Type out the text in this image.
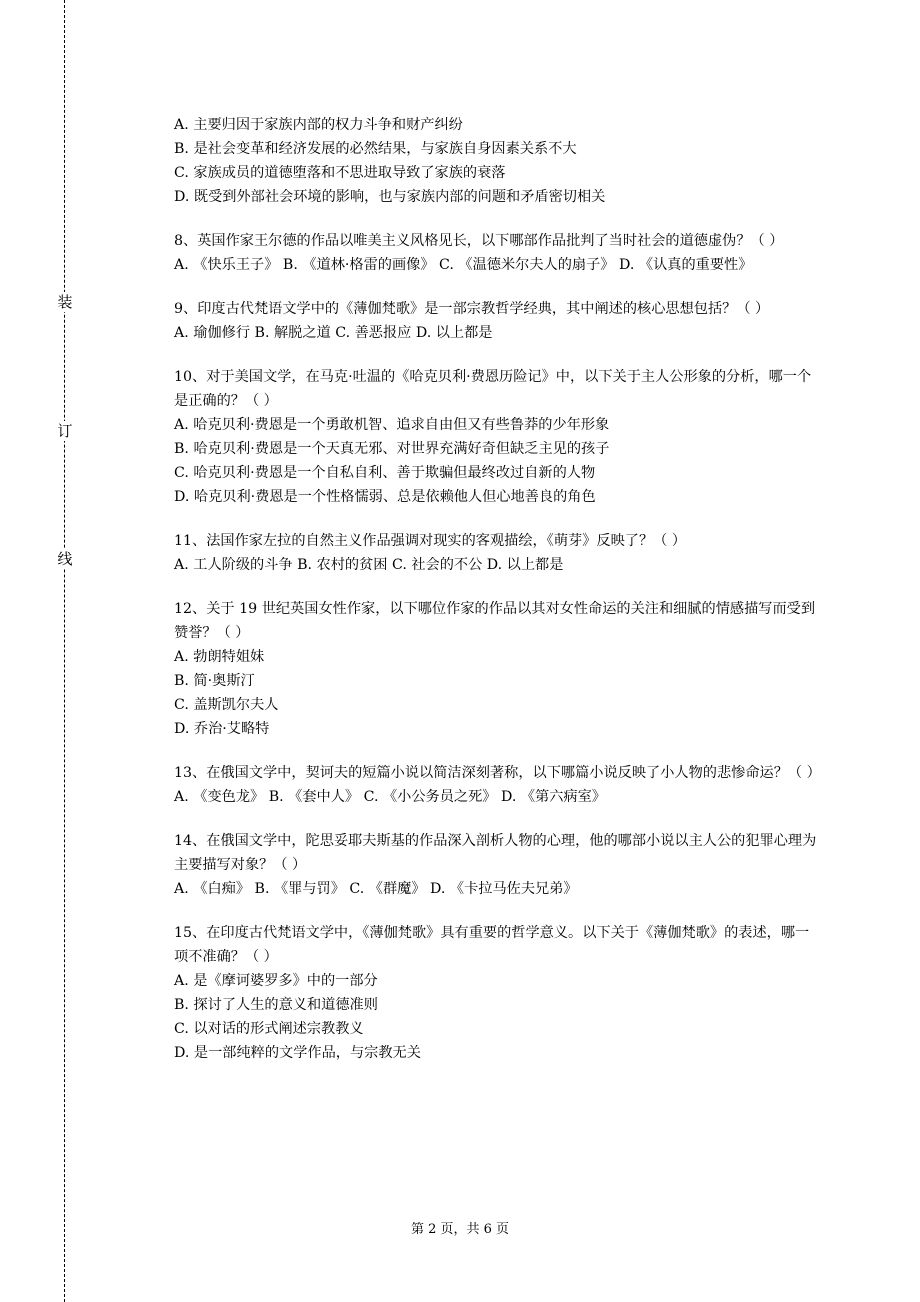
装
订
线
A. 主要归因于家族内部的权力斗争和财产纠纷
B. 是社会变革和经济发展的必然结果，与家族自身因素关系不大
C. 家族成员的道德堕落和不思进取导致了家族的衰落
D. 既受到外部社会环境的影响，也与家族内部的问题和矛盾密切相关
8、英国作家王尔德的作品以唯美主义风格见长，以下哪部作品批判了当时社会的道德虚伪？（ ）
A. 《快乐王子》 B. 《道林·格雷的画像》 C. 《温德米尔夫人的扇子》 D. 《认真的重要性》
9、印度古代梵语文学中的《薄伽梵歌》是一部宗教哲学经典，其中阐述的核心思想包括？（ ）
A. 瑜伽修行 B. 解脱之道 C. 善恶报应 D. 以上都是
10、对于美国文学，在马克·吐温的《哈克贝利·费恩历险记》中，以下关于主人公形象的分析，哪一个是正确的？（ ）
A. 哈克贝利·费恩是一个勇敢机智、追求自由但又有些鲁莽的少年形象
B. 哈克贝利·费恩是一个天真无邪、对世界充满好奇但缺乏主见的孩子
C. 哈克贝利·费恩是一个自私自利、善于欺骗但最终改过自新的人物
D. 哈克贝利·费恩是一个性格懦弱、总是依赖他人但心地善良的角色
11、法国作家左拉的自然主义作品强调对现实的客观描绘，《萌芽》反映了？（ ）
A. 工人阶级的斗争 B. 农村的贫困 C. 社会的不公 D. 以上都是
12、关于 19 世纪英国女性作家，以下哪位作家的作品以其对女性命运的关注和细腻的情感描写而受到赞誉？（ ）
A. 勃朗特姐妹
B. 简·奥斯汀
C. 盖斯凯尔夫人
D. 乔治·艾略特
13、在俄国文学中，契诃夫的短篇小说以简洁深刻著称，以下哪篇小说反映了小人物的悲惨命运？（ ）
A. 《变色龙》 B. 《套中人》 C. 《小公务员之死》 D. 《第六病室》
14、在俄国文学中，陀思妥耶夫斯基的作品深入剖析人物的心理，他的哪部小说以主人公的犯罪心理为主要描写对象？（ ）
A. 《白痴》 B. 《罪与罚》 C. 《群魔》 D. 《卡拉马佐夫兄弟》
15、在印度古代梵语文学中，《薄伽梵歌》具有重要的哲学意义。以下关于《薄伽梵歌》的表述，哪一项不准确？（ ）
A. 是《摩诃婆罗多》中的一部分
B. 探讨了人生的意义和道德准则
C. 以对话的形式阐述宗教教义
D. 是一部纯粹的文学作品，与宗教无关
第 2 页，共 6 页
